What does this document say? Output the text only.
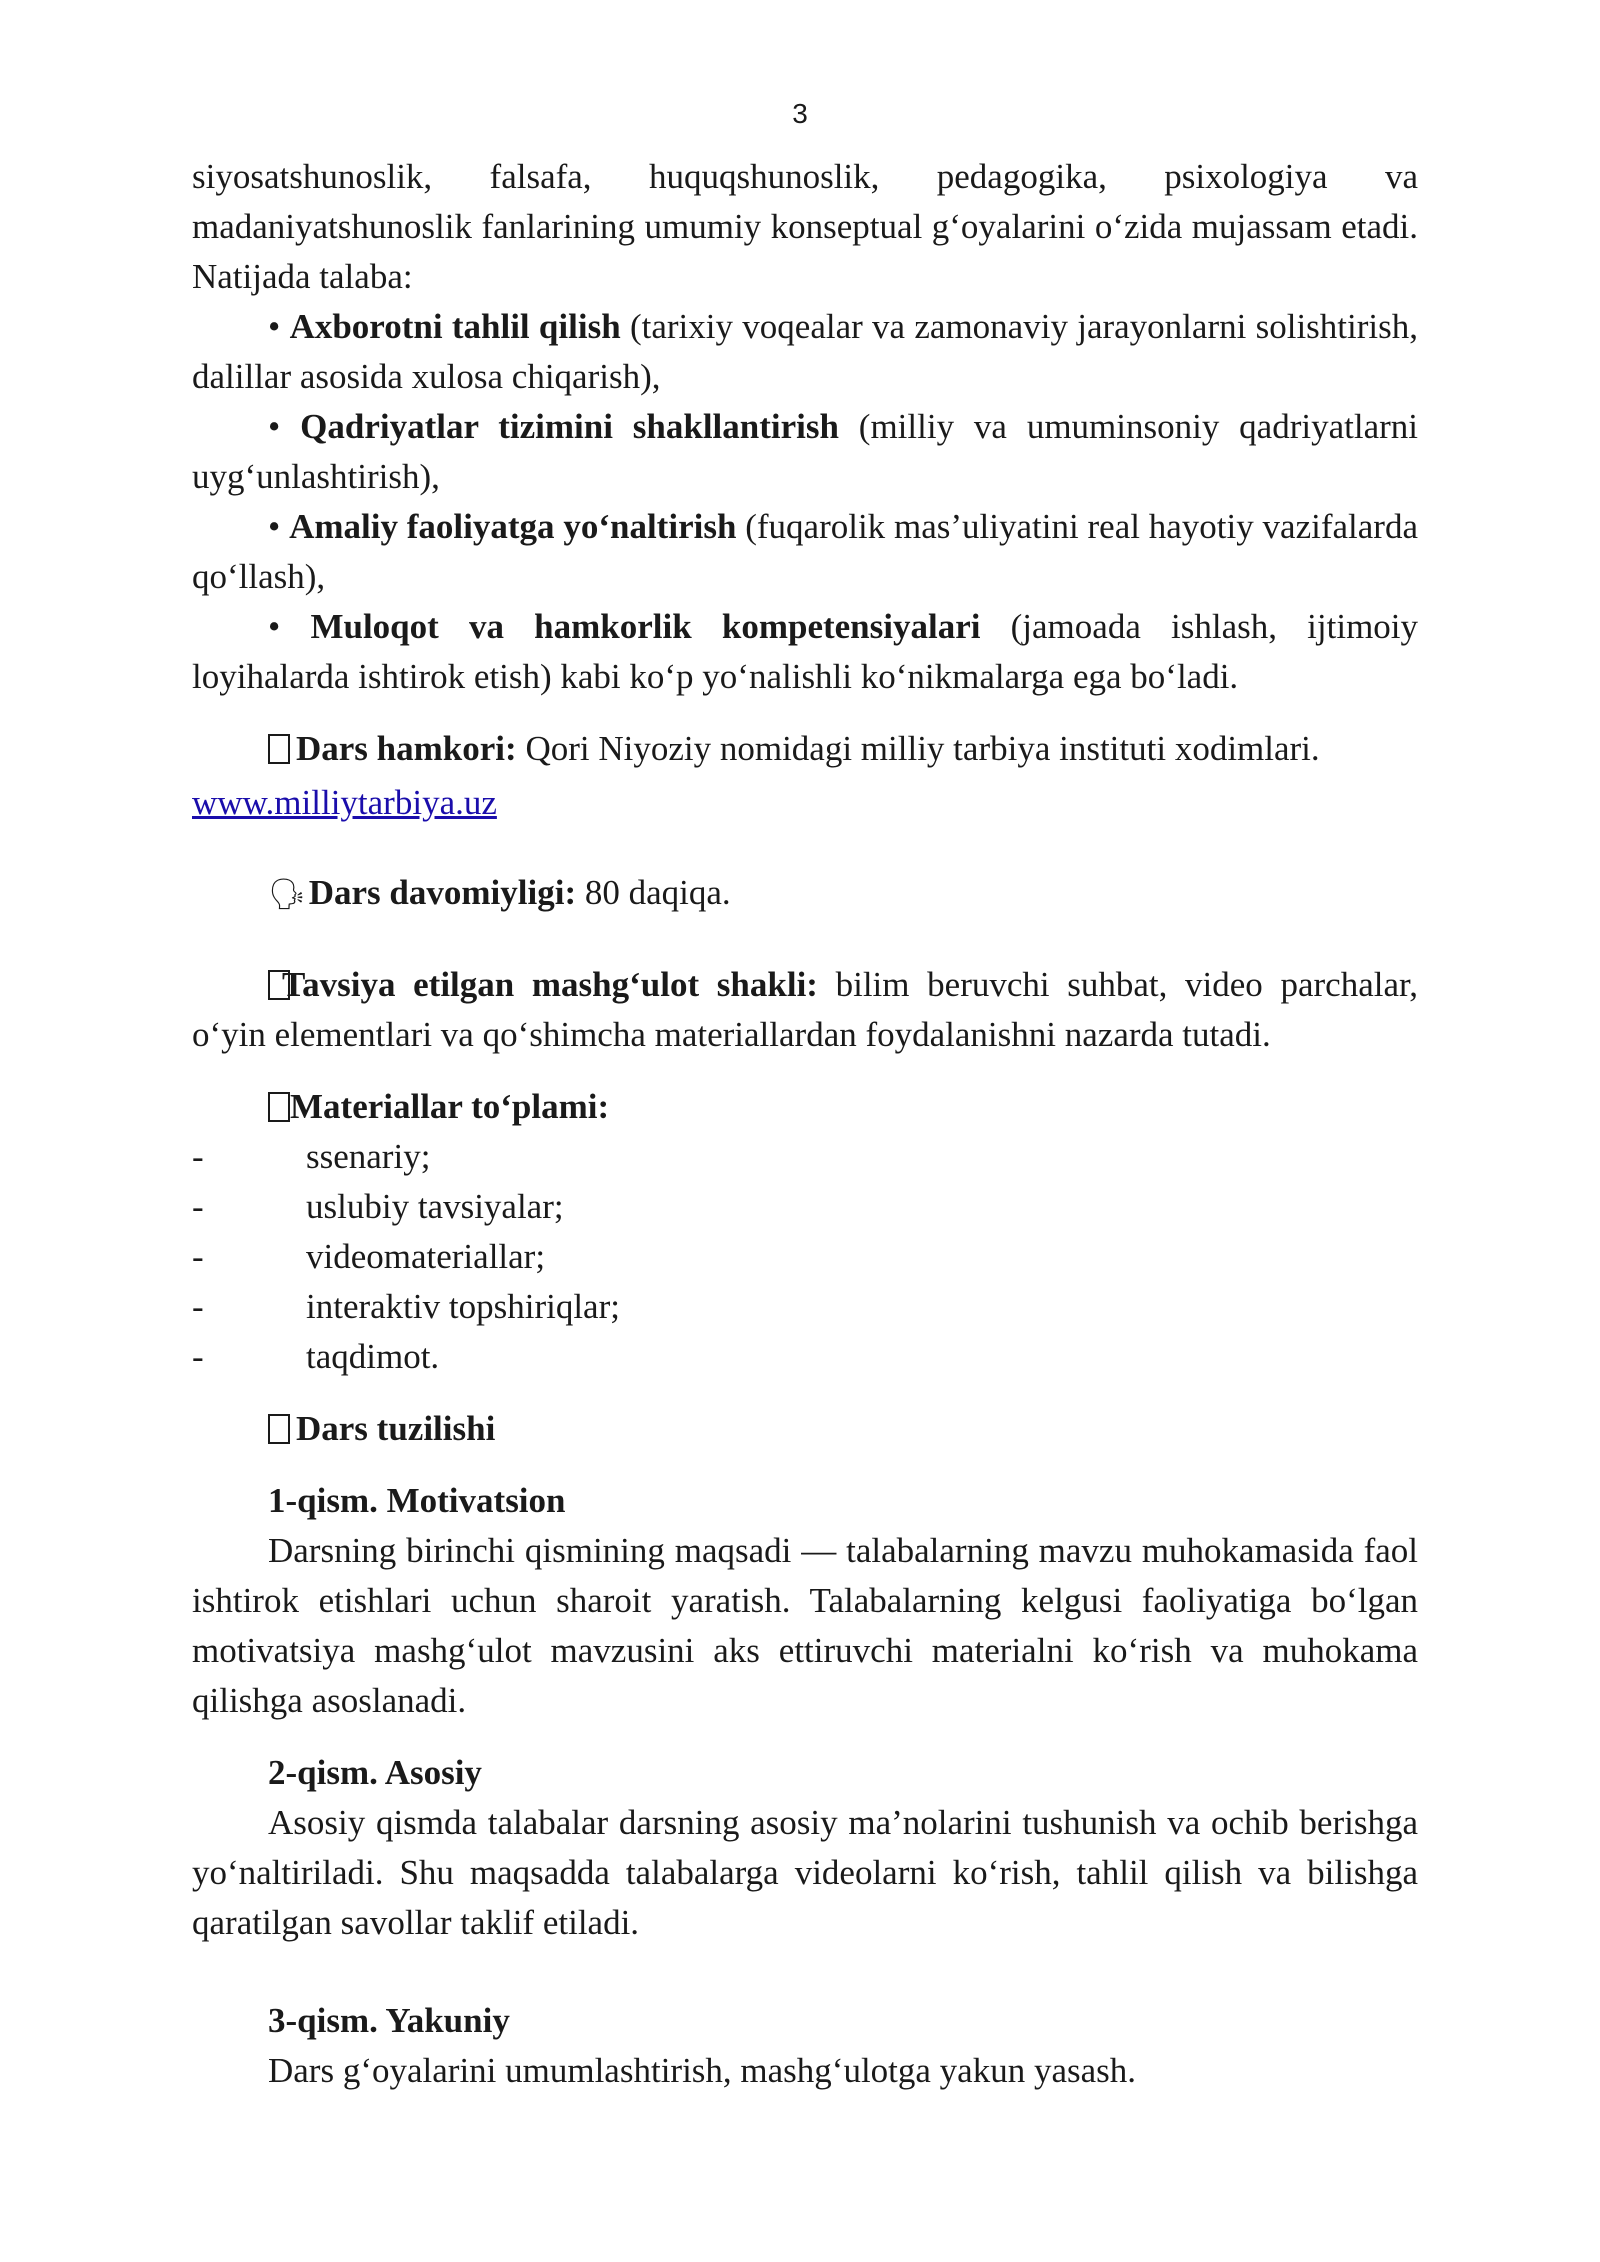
3

siyosatshunoslik, falsafa, huquqshunoslik, pedagogika, psixologiya va madaniyatshunoslik fanlarining umumiy konseptual g‘oyalarini o‘zida mujassam etadi. Natijada talaba:

• Axborotni tahlil qilish (tarixiy voqealar va zamonaviy jarayonlarni solishtirish, dalillar asosida xulosa chiqarish),

• Qadriyatlar tizimini shakllantirish (milliy va umuminsoniy qadriyatlarni uyg‘unlashtirish),

• Amaliy faoliyatga yo‘naltirish (fuqarolik mas’uliyatini real hayotiy vazifalarda qo‘llash),

• Muloqot va hamkorlik kompetensiyalari (jamoada ishlash, ijtimoiy loyihalarda ishtirok etish) kabi ko‘p yo‘nalishli ko‘nikmalarga ega bo‘ladi.

Dars hamkori: Qori Niyoziy nomidagi milliy tarbiya instituti xodimlari.

www.milliytarbiya.uz

🗣 Dars davomiyligi: 80 daqiqa.

Tavsiya etilgan mashg‘ulot shakli: bilim beruvchi suhbat, video parchalar, o‘yin elementlari va qo‘shimcha materiallardan foydalanishni nazarda tutadi.

Materiallar to‘plami:

-	ssenariy;
-	uslubiy tavsiyalar;
-	videomateriallar;
-	interaktiv topshiriqlar;
-	taqdimot.

Dars tuzilishi

1-qism. Motivatsion

Darsning birinchi qismining maqsadi — talabalarning mavzu muhokamasida faol ishtirok etishlari uchun sharoit yaratish. Talabalarning kelgusi faoliyatiga bo‘lgan motivatsiya mashg‘ulot mavzusini aks ettiruvchi materialni ko‘rish va muhokama qilishga asoslanadi.

2-qism. Asosiy

Asosiy qismda talabalar darsning asosiy ma’nolarini tushunish va ochib berishga yo‘naltiriladi. Shu maqsadda talabalarga videolarni ko‘rish, tahlil qilish va bilishga qaratilgan savollar taklif etiladi.

3-qism. Yakuniy

Dars g‘oyalarini umumlashtirish, mashg‘ulotga yakun yasash.
